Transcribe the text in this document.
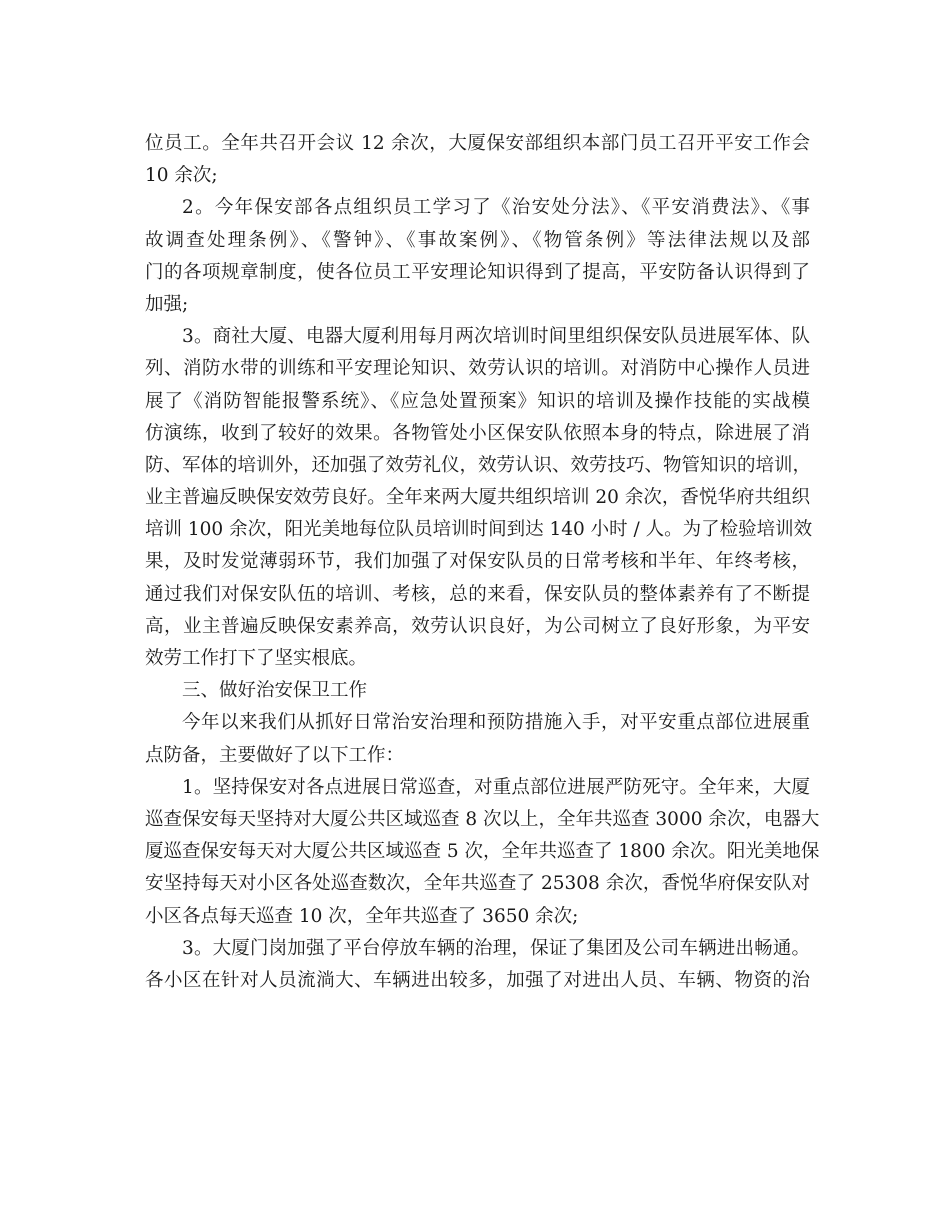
位员工。全年共召开会议 12 余次，大厦保安部组织本部门员工召开平安工作会
10 余次;
2。今年保安部各点组织员工学习了《治安处分法》、《平安消费法》、《事
故调查处理条例》、《警钟》、《事故案例》、《物管条例》等法律法规以及部
门的各项规章制度，使各位员工平安理论知识得到了提高，平安防备认识得到了
加强;
3。商社大厦、电器大厦利用每月两次培训时间里组织保安队员进展军体、队
列、消防水带的训练和平安理论知识、效劳认识的培训。对消防中心操作人员进
展了《消防智能报警系统》、《应急处置预案》知识的培训及操作技能的实战模
仿演练，收到了较好的效果。各物管处小区保安队依照本身的特点，除进展了消
防、军体的培训外，还加强了效劳礼仪，效劳认识、效劳技巧、物管知识的培训，
业主普遍反映保安效劳良好。全年来两大厦共组织培训 20 余次，香悦华府共组织
培训 100 余次，阳光美地每位队员培训时间到达 140 小时 / 人。为了检验培训效
果，及时发觉薄弱环节，我们加强了对保安队员的日常考核和半年、年终考核，
通过我们对保安队伍的培训、考核，总的来看，保安队员的整体素养有了不断提
高，业主普遍反映保安素养高，效劳认识良好，为公司树立了良好形象，为平安
效劳工作打下了坚实根底。
三、做好治安保卫工作
今年以来我们从抓好日常治安治理和预防措施入手，对平安重点部位进展重
点防备，主要做好了以下工作：
1。坚持保安对各点进展日常巡查，对重点部位进展严防死守。全年来，大厦
巡查保安每天坚持对大厦公共区域巡查 8 次以上，全年共巡查 3000 余次，电器大
厦巡查保安每天对大厦公共区域巡查 5 次，全年共巡查了 1800 余次。阳光美地保
安坚持每天对小区各处巡查数次，全年共巡查了 25308 余次，香悦华府保安队对
小区各点每天巡查 10 次，全年共巡查了 3650 余次;
3。大厦门岗加强了平台停放车辆的治理，保证了集团及公司车辆进出畅通。
各小区在针对人员流淌大、车辆进出较多，加强了对进出人员、车辆、物资的治
